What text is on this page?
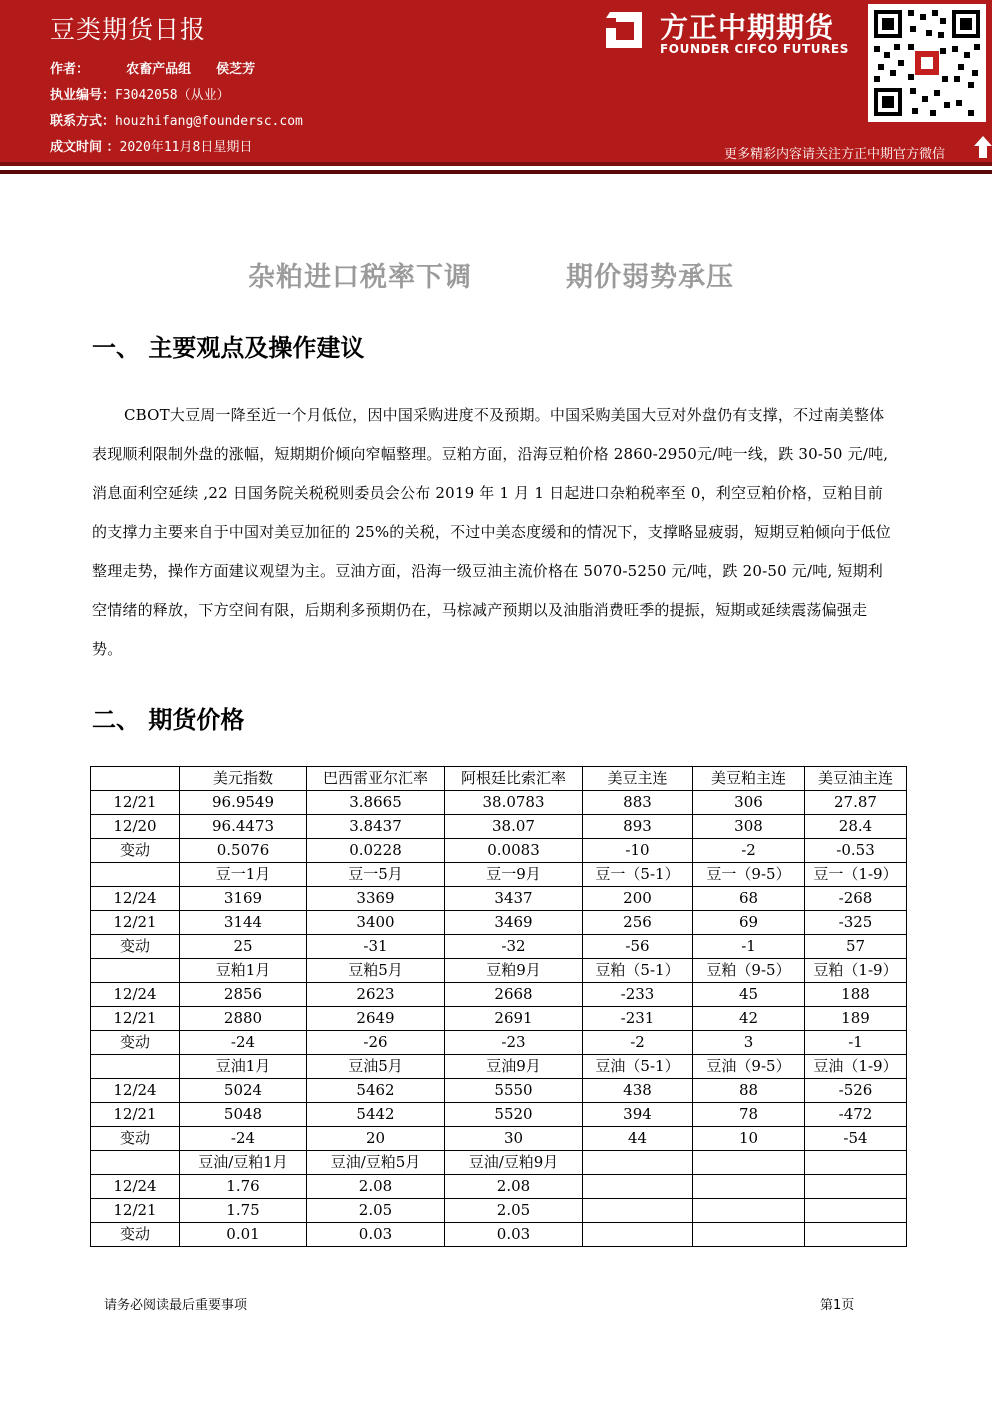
豆类期货日报
作者：	农畜产品组 侯芝芳
执业编号：F3042058（从业）
联系方式：houzhifang@foundersc.com
成文时间 ：2020年11月8日星期日
方正中期期货
FOUNDER CIFCO FUTURES
更多精彩内容请关注方正中期官方微信
杂粕进口税率下调	期价弱势承压
一、 主要观点及操作建议

CBOT大豆周一降至近一个月低位，因中国采购进度不及预期。中国采购美国大豆对外盘仍有支撑，不过南美整体表现顺利限制外盘的涨幅，短期期价倾向窄幅整理。豆粕方面，沿海豆粕价格 2860-2950元/吨一线，跌 30-50 元/吨,消息面利空延续 ,22 日国务院关税税则委员会公布 2019 年 1 月 1 日起进口杂粕税率至 0，利空豆粕价格，豆粕目前的支撑力主要来自于中国对美豆加征的 25%的关税，不过中美态度缓和的情况下，支撑略显疲弱，短期豆粕倾向于低位整理走势，操作方面建议观望为主。豆油方面，沿海一级豆油主流价格在 5070-5250 元/吨，跌 20-50 元/吨, 短期利空情绪的释放，下方空间有限，后期利多预期仍在，马棕减产预期以及油脂消费旺季的提振，短期或延续震荡偏强走势。

二、 期货价格
	美元指数	巴西雷亚尔汇率	阿根廷比索汇率	美豆主连	美豆粕主连	美豆油主连
12/21	96.9549	3.8665	38.0783	883	306	27.87
12/20	96.4473	3.8437	38.07	893	308	28.4
变动	0.5076	0.0228	0.0083	-10	-2	-0.53
	豆一1月	豆一5月	豆一9月	豆一（5-1）	豆一（9-5）	豆一（1-9）
12/24	3169	3369	3437	200	68	-268
12/21	3144	3400	3469	256	69	-325
变动	25	-31	-32	-56	-1	57
	豆粕1月	豆粕5月	豆粕9月	豆粕（5-1）	豆粕（9-5）	豆粕（1-9）
12/24	2856	2623	2668	-233	45	188
12/21	2880	2649	2691	-231	42	189
变动	-24	-26	-23	-2	3	-1
	豆油1月	豆油5月	豆油9月	豆油（5-1）	豆油（9-5）	豆油（1-9）
12/24	5024	5462	5550	438	88	-526
12/21	5048	5442	5520	394	78	-472
变动	-24	20	30	44	10	-54
	豆油/豆粕1月	豆油/豆粕5月	豆油/豆粕9月			
12/24	1.76	2.08	2.08			
12/21	1.75	2.05	2.05			
变动	0.01	0.03	0.03			
请务必阅读最后重要事项	第1页
